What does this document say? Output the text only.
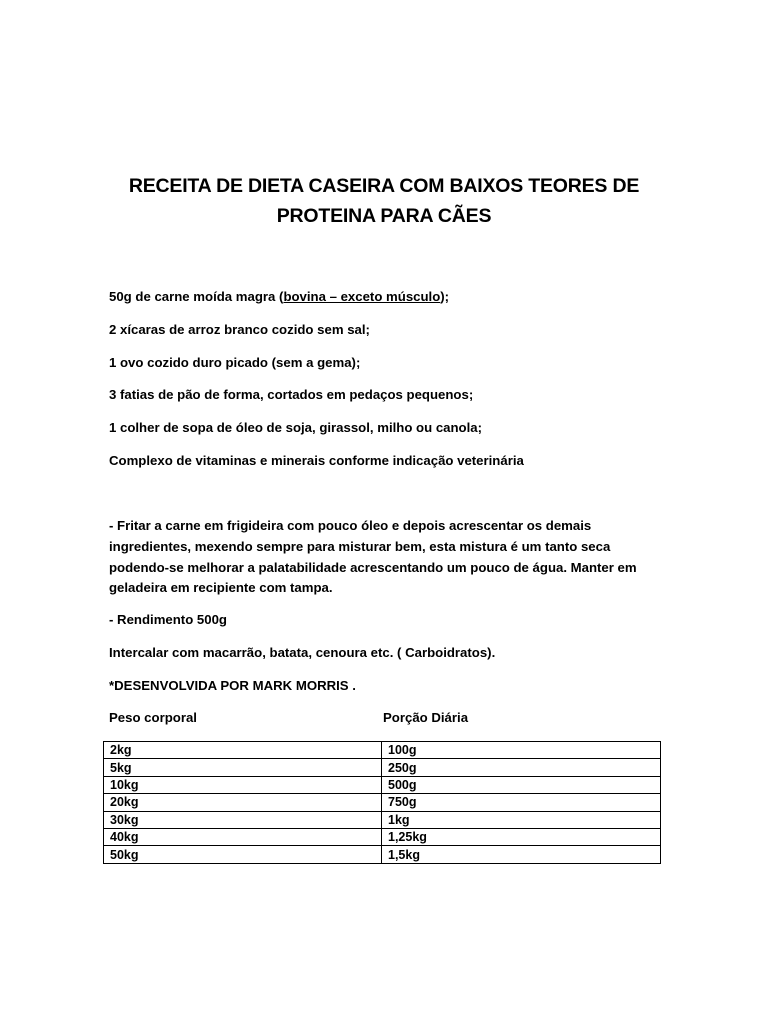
RECEITA DE DIETA CASEIRA COM BAIXOS TEORES DE
PROTEINA PARA CÃES
50g de carne moída magra (bovina – exceto músculo);
2 xícaras de arroz branco cozido sem sal;
1 ovo cozido duro picado (sem a gema);
3 fatias de pão de forma, cortados em pedaços pequenos;
1 colher de sopa de óleo de soja, girassol, milho ou canola;
Complexo de vitaminas e minerais conforme indicação veterinária
- Fritar a carne em frigideira com pouco óleo e depois acrescentar os demais
ingredientes, mexendo sempre para misturar bem, esta mistura é um tanto seca
podendo-se melhorar a palatabilidade acrescentando um pouco de água. Manter em
geladeira em recipiente com tampa.
- Rendimento 500g
Intercalar com macarrão, batata, cenoura etc. ( Carboidratos).
*DESENVOLVIDA POR MARK MORRIS .
Peso corporal	Porção Diária
2kg	100g
5kg	250g
10kg	500g
20kg	750g
30kg	1kg
40kg	1,25kg
50kg	1,5kg
